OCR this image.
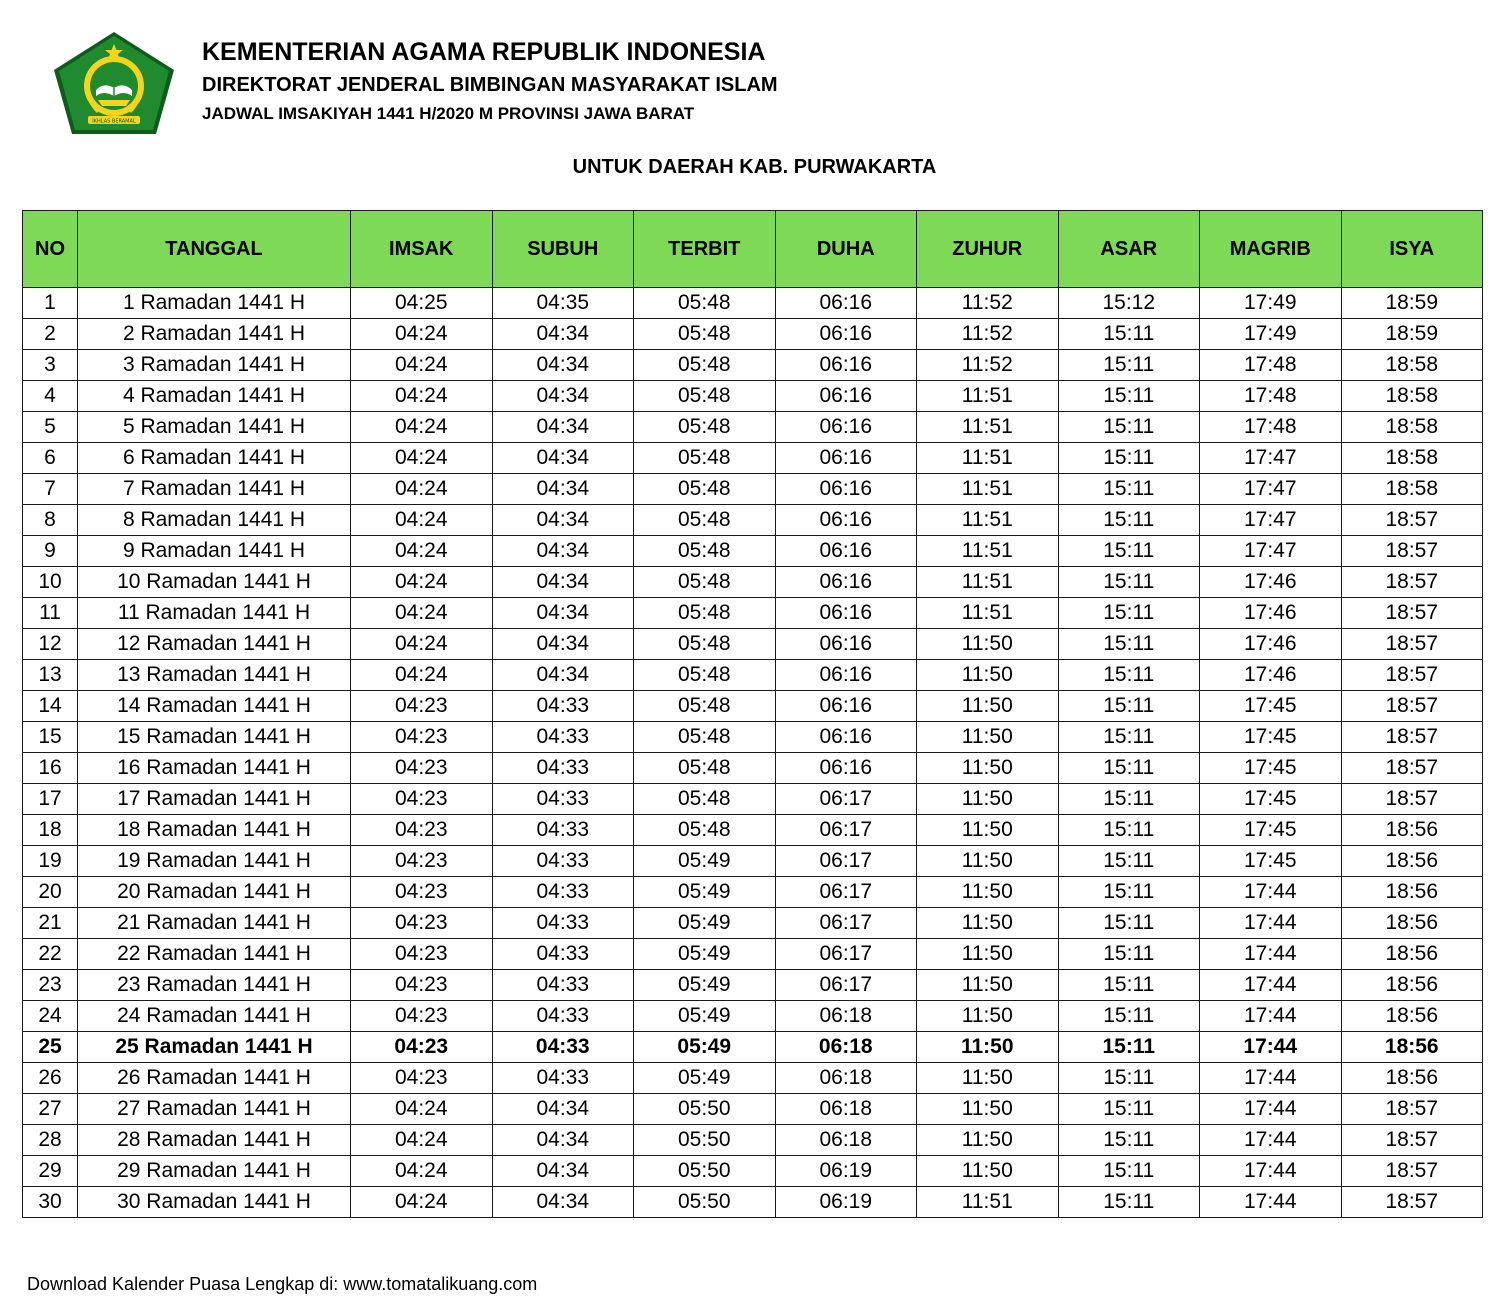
IKHLAS BERAMAL
KEMENTERIAN AGAMA REPUBLIK INDONESIA
DIREKTORAT JENDERAL BIMBINGAN MASYARAKAT ISLAM
JADWAL IMSAKIYAH 1441 H/2020 M PROVINSI JAWA BARAT
UNTUK DAERAH KAB. PURWAKARTA
NO	TANGGAL	IMSAK	SUBUH	TERBIT	DUHA	ZUHUR	ASAR	MAGRIB	ISYA
1	1 Ramadan 1441 H	04:25	04:35	05:48	06:16	11:52	15:12	17:49	18:59
2	2 Ramadan 1441 H	04:24	04:34	05:48	06:16	11:52	15:11	17:49	18:59
3	3 Ramadan 1441 H	04:24	04:34	05:48	06:16	11:52	15:11	17:48	18:58
4	4 Ramadan 1441 H	04:24	04:34	05:48	06:16	11:51	15:11	17:48	18:58
5	5 Ramadan 1441 H	04:24	04:34	05:48	06:16	11:51	15:11	17:48	18:58
6	6 Ramadan 1441 H	04:24	04:34	05:48	06:16	11:51	15:11	17:47	18:58
7	7 Ramadan 1441 H	04:24	04:34	05:48	06:16	11:51	15:11	17:47	18:58
8	8 Ramadan 1441 H	04:24	04:34	05:48	06:16	11:51	15:11	17:47	18:57
9	9 Ramadan 1441 H	04:24	04:34	05:48	06:16	11:51	15:11	17:47	18:57
10	10 Ramadan 1441 H	04:24	04:34	05:48	06:16	11:51	15:11	17:46	18:57
11	11 Ramadan 1441 H	04:24	04:34	05:48	06:16	11:51	15:11	17:46	18:57
12	12 Ramadan 1441 H	04:24	04:34	05:48	06:16	11:50	15:11	17:46	18:57
13	13 Ramadan 1441 H	04:24	04:34	05:48	06:16	11:50	15:11	17:46	18:57
14	14 Ramadan 1441 H	04:23	04:33	05:48	06:16	11:50	15:11	17:45	18:57
15	15 Ramadan 1441 H	04:23	04:33	05:48	06:16	11:50	15:11	17:45	18:57
16	16 Ramadan 1441 H	04:23	04:33	05:48	06:16	11:50	15:11	17:45	18:57
17	17 Ramadan 1441 H	04:23	04:33	05:48	06:17	11:50	15:11	17:45	18:57
18	18 Ramadan 1441 H	04:23	04:33	05:48	06:17	11:50	15:11	17:45	18:56
19	19 Ramadan 1441 H	04:23	04:33	05:49	06:17	11:50	15:11	17:45	18:56
20	20 Ramadan 1441 H	04:23	04:33	05:49	06:17	11:50	15:11	17:44	18:56
21	21 Ramadan 1441 H	04:23	04:33	05:49	06:17	11:50	15:11	17:44	18:56
22	22 Ramadan 1441 H	04:23	04:33	05:49	06:17	11:50	15:11	17:44	18:56
23	23 Ramadan 1441 H	04:23	04:33	05:49	06:17	11:50	15:11	17:44	18:56
24	24 Ramadan 1441 H	04:23	04:33	05:49	06:18	11:50	15:11	17:44	18:56
25	25 Ramadan 1441 H	04:23	04:33	05:49	06:18	11:50	15:11	17:44	18:56
26	26 Ramadan 1441 H	04:23	04:33	05:49	06:18	11:50	15:11	17:44	18:56
27	27 Ramadan 1441 H	04:24	04:34	05:50	06:18	11:50	15:11	17:44	18:57
28	28 Ramadan 1441 H	04:24	04:34	05:50	06:18	11:50	15:11	17:44	18:57
29	29 Ramadan 1441 H	04:24	04:34	05:50	06:19	11:50	15:11	17:44	18:57
30	30 Ramadan 1441 H	04:24	04:34	05:50	06:19	11:51	15:11	17:44	18:57
Download Kalender Puasa Lengkap di: www.tomatalikuang.com
